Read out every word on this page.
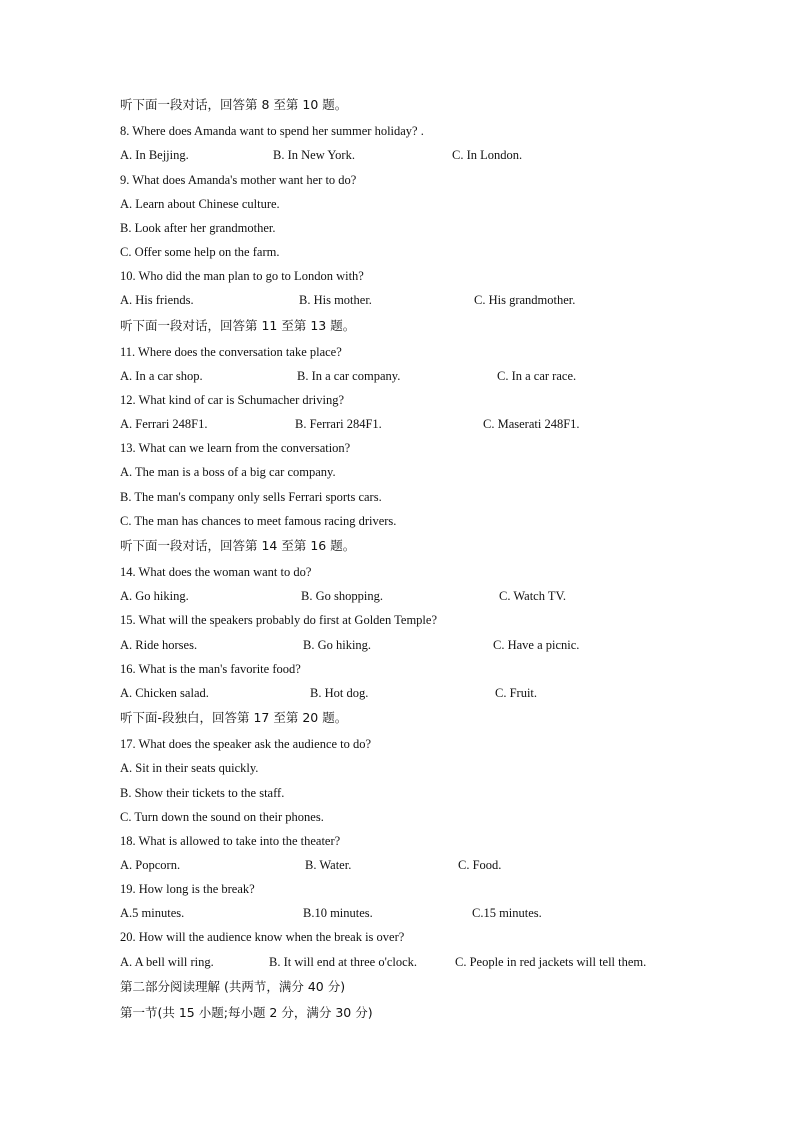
听下面一段对话，回答第 8 至第 10 题。
8. Where does Amanda want to spend her summer holiday? .
A. In Bejjing.	B. In New York.	C. In London.
9. What does Amanda's mother want her to do?
A. Learn about Chinese culture.
B. Look after her grandmother.
C. Offer some help on the farm.
10. Who did the man plan to go to London with?
A. His friends.	B. His mother.	C. His grandmother.
听下面一段对话，回答第 11 至第 13 题。
11. Where does the conversation take place?
A. In a car shop.	B. In a car company.	C. In a car race.
12. What kind of car is Schumacher driving?
A. Ferrari 248F1.	B. Ferrari 284F1.	C. Maserati 248F1.
13. What can we learn from the conversation?
A. The man is a boss of a big car company.
B. The man's company only sells Ferrari sports cars.
C. The man has chances to meet famous racing drivers.
听下面一段对话，回答第 14 至第 16 题。
14. What does the woman want to do?
A. Go hiking.	B. Go shopping.	C. Watch TV.
15. What will the speakers probably do first at Golden Temple?
A. Ride horses.	B. Go hiking.	C. Have a picnic.
16. What is the man's favorite food?
A. Chicken salad.	B. Hot dog.	C. Fruit.
听下面-段独白，回答第 17 至第 20 题。
17. What does the speaker ask the audience to do?
A. Sit in their seats quickly.
B. Show their tickets to the staff.
C. Turn down the sound on their phones.
18. What is allowed to take into the theater?
A. Popcorn.	B. Water.	C. Food.
19. How long is the break?
A.5 minutes.	B.10 minutes.	C.15 minutes.
20. How will the audience know when the break is over?
A. A bell will ring.	B. It will end at three o'clock.	C. People in red jackets will tell them.
第二部分阅读理解 (共两节，满分 40 分)
第一节(共 15 小题;每小题 2 分，满分 30 分)
